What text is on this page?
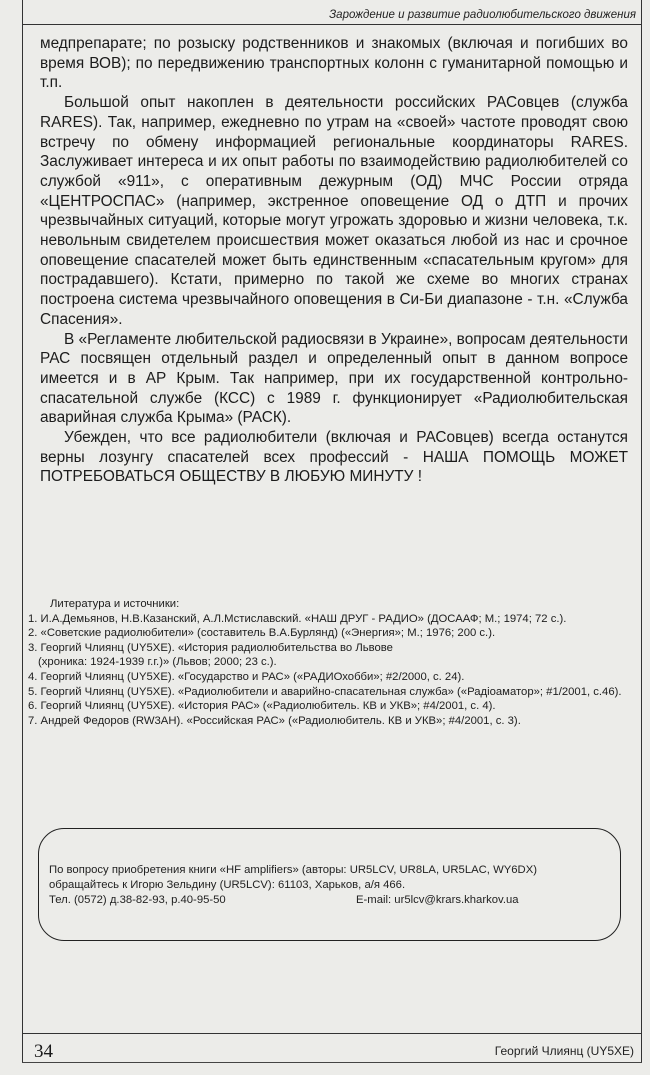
Зарождение и развитие радиолюбительского движения

медпрепарате; по розыску родственников и знакомых (включая и погибших во время ВОВ); по передвижению транспортных колонн с гуманитарной помощью и т.п.

Большой опыт накоплен в деятельности российских РАСовцев (служба RARES). Так, например, ежедневно по утрам на «своей» частоте проводят свою встречу по обмену информацией региональные координаторы RARES. Заслуживает интереса и их опыт работы по взаимодействию радиолюбителей со службой «911», с оперативным дежурным (ОД) МЧС России отряда «ЦЕНТРОСПАС» (например, экстренное оповещение ОД о ДТП и прочих чрезвычайных ситуаций, которые могут угрожать здоровью и жизни человека, т.к. невольным свидетелем происшествия может оказаться любой из нас и срочное оповещение спасателей может быть единственным «спасательным кругом» для пострадавшего). Кстати, примерно по такой же схеме во многих странах построена система чрезвычайного оповещения в Си-Би диапазоне - т.н. «Служба Спасения».

В «Регламенте любительской радиосвязи в Украине», вопросам деятельности РАС посвящен отдельный раздел и определенный опыт в данном вопросе имеется и в АР Крым. Так например, при их государственной контрольно-спасательной службе (КСС) с 1989 г. функционирует «Радиолюбительская аварийная служба Крыма» (РАСК).

Убежден, что все радиолюбители (включая и РАСовцев) всегда останутся верны лозунгу спасателей всех профессий - НАША ПОМОЩЬ МОЖЕТ ПОТРЕБОВАТЬСЯ ОБЩЕСТВУ В ЛЮБУЮ МИНУТУ !

Литература и источники:

1. И.А.Демьянов, Н.В.Казанский, А.Л.Мстиславский. «НАШ ДРУГ - РАДИО» (ДОСААФ; М.; 1974; 72 с.).

2. «Советские радиолюбители» (составитель В.А.Бурлянд) («Энергия»; М.; 1976; 200 с.).

3. Георгий Члиянц (UY5XE). «История радиолюбительства во Львове

(хроника: 1924-1939 г.г.)» (Львов; 2000; 23 с.).

4. Георгий Члиянц (UY5XE). «Государство и РАС» («РАДИОхобби»; #2/2000, с. 24).

5. Георгий Члиянц (UY5XE). «Радиолюбители и аварийно-спасательная служба» («Радіоаматор»; #1/2001, с.46).

6. Георгий Члиянц (UY5XE). «История РАС» («Радиолюбитель. КВ и УКВ»; #4/2001, с. 4).

7. Андрей Федоров (RW3AH). «Российская РАС» («Радиолюбитель. КВ и УКВ»; #4/2001, с. 3).

По вопросу приобретения книги «HF amplifiers» (авторы: UR5LCV, UR8LA, UR5LAC, WY6DX) обращайтесь к Игорю Зельдину (UR5LCV): 61103, Харьков, а/я 466.

Тел. (0572) д.38-82-93, р.40-95-50	E-mail: ur5lcv@krars.kharkov.ua
34	Георгий Члиянц (UY5XE)
